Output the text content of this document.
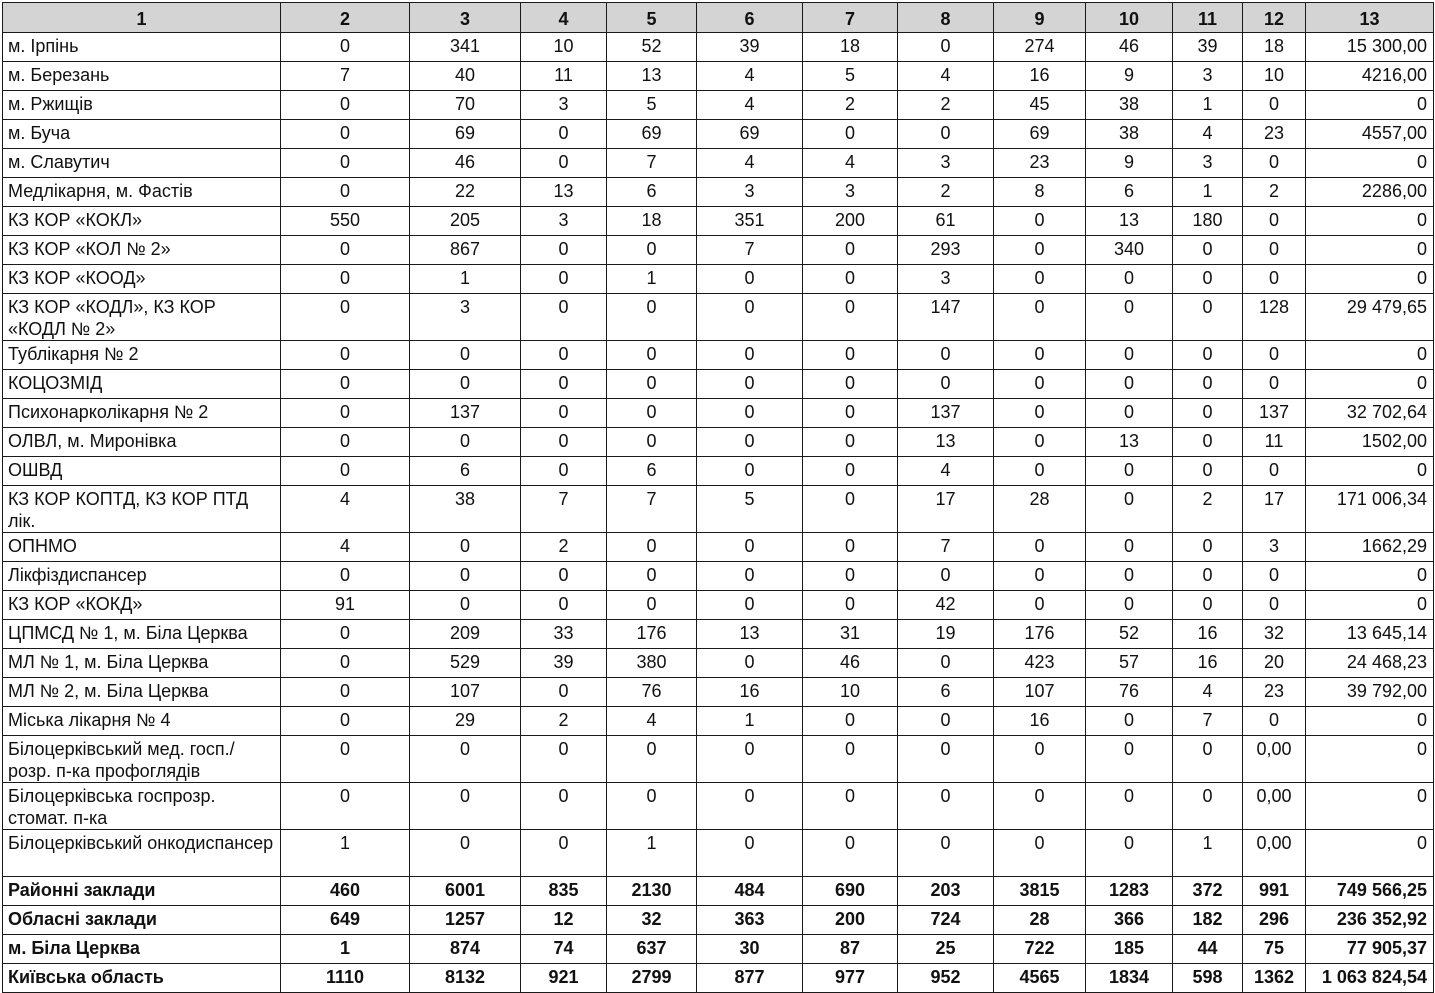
1	2	3	4	5	6	7	8	9	10	11	12	13
м. Ірпінь	0	341	10	52	39	18	0	274	46	39	18	15 300,00
м. Березань	7	40	11	13	4	5	4	16	9	3	10	4216,00
м. Ржищів	0	70	3	5	4	2	2	45	38	1	0	0
м. Буча	0	69	0	69	69	0	0	69	38	4	23	4557,00
м. Славутич	0	46	0	7	4	4	3	23	9	3	0	0
Медлікарня, м. Фастів	0	22	13	6	3	3	2	8	6	1	2	2286,00
КЗ КОР «КОКЛ»	550	205	3	18	351	200	61	0	13	180	0	0
КЗ КОР «КОЛ № 2»	0	867	0	0	7	0	293	0	340	0	0	0
КЗ КОР «КООД»	0	1	0	1	0	0	3	0	0	0	0	0
КЗ КОР «КОДЛ», КЗ КОР «КОДЛ № 2»	0	3	0	0	0	0	147	0	0	0	128	29 479,65
Тублікарня № 2	0	0	0	0	0	0	0	0	0	0	0	0
КОЦОЗМІД	0	0	0	0	0	0	0	0	0	0	0	0
Психонарколікарня № 2	0	137	0	0	0	0	137	0	0	0	137	32 702,64
ОЛВЛ, м. Миронівка	0	0	0	0	0	0	13	0	13	0	11	1502,00
ОШВД	0	6	0	6	0	0	4	0	0	0	0	0
КЗ КОР КОПТД, КЗ КОР ПТД лік.	4	38	7	7	5	0	17	28	0	2	17	171 006,34
ОПНМО	4	0	2	0	0	0	7	0	0	0	3	1662,29
Лікфіздиспансер	0	0	0	0	0	0	0	0	0	0	0	0
КЗ КОР «КОКД»	91	0	0	0	0	0	42	0	0	0	0	0
ЦПМСД № 1, м. Біла Церква	0	209	33	176	13	31	19	176	52	16	32	13 645,14
МЛ № 1, м. Біла Церква	0	529	39	380	0	46	0	423	57	16	20	24 468,23
МЛ № 2, м. Біла Церква	0	107	0	76	16	10	6	107	76	4	23	39 792,00
Міська лікарня № 4	0	29	2	4	1	0	0	16	0	7	0	0
Білоцерківський мед. госп./ розр. п-ка профоглядів	0	0	0	0	0	0	0	0	0	0	0,00	0
Білоцерківська госпрозр. стомат. п-ка	0	0	0	0	0	0	0	0	0	0	0,00	0
Білоцерківський онкодиспансер	1	0	0	1	0	0	0	0	0	1	0,00	0
Районні заклади	460	6001	835	2130	484	690	203	3815	1283	372	991	749 566,25
Обласні заклади	649	1257	12	32	363	200	724	28	366	182	296	236 352,92
м. Біла Церква	1	874	74	637	30	87	25	722	185	44	75	77 905,37
Київська область	1110	8132	921	2799	877	977	952	4565	1834	598	1362	1 063 824,54
